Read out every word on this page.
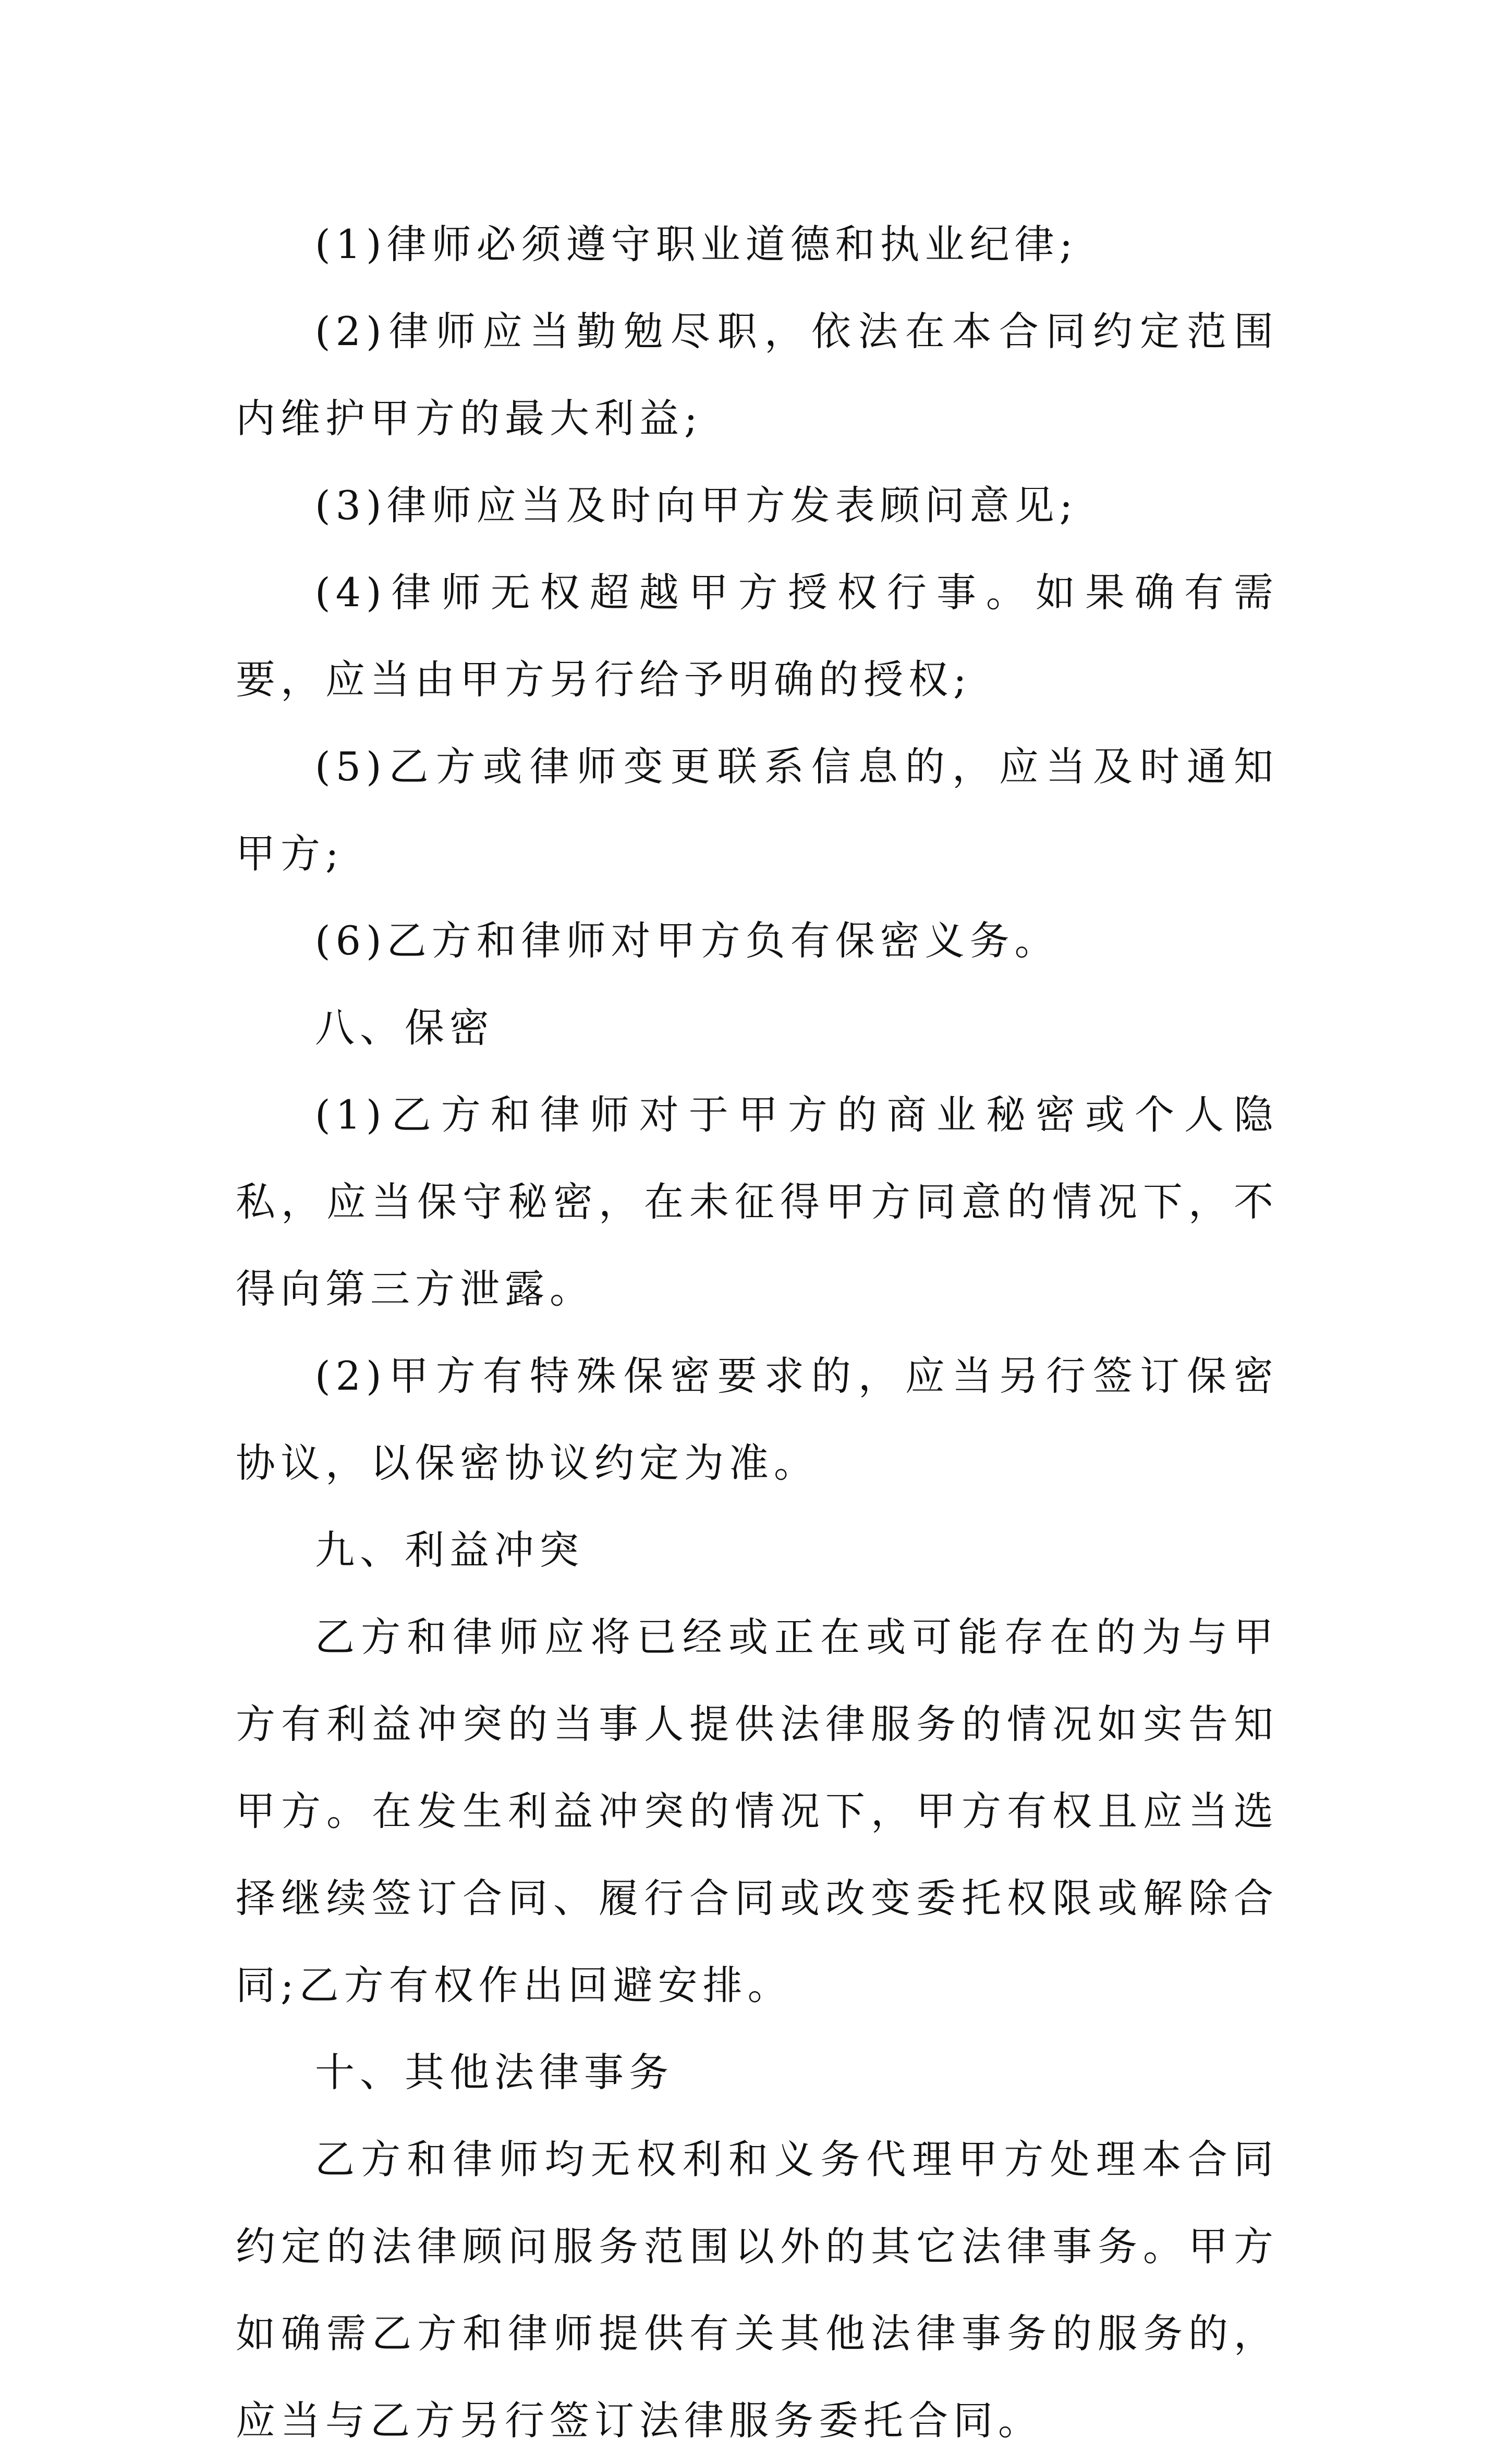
(1)律师必须遵守职业道德和执业纪律;

(2)律师应当勤勉尽职，依法在本合同约定范围内维护甲方的最大利益;

(3)律师应当及时向甲方发表顾问意见;

(4)律师无权超越甲方授权行事。如果确有需要，应当由甲方另行给予明确的授权;

(5)乙方或律师变更联系信息的，应当及时通知甲方;

(6)乙方和律师对甲方负有保密义务。

八、保密

(1)乙方和律师对于甲方的商业秘密或个人隐私，应当保守秘密，在未征得甲方同意的情况下，不得向第三方泄露。

(2)甲方有特殊保密要求的，应当另行签订保密协议，以保密协议约定为准。

九、利益冲突

乙方和律师应将已经或正在或可能存在的为与甲方有利益冲突的当事人提供法律服务的情况如实告知甲方。在发生利益冲突的情况下，甲方有权且应当选择继续签订合同、履行合同或改变委托权限或解除合同;乙方有权作出回避安排。

十、其他法律事务

乙方和律师均无权利和义务代理甲方处理本合同约定的法律顾问服务范围以外的其它法律事务。甲方如确需乙方和律师提供有关其他法律事务的服务的，应当与乙方另行签订法律服务委托合同。
